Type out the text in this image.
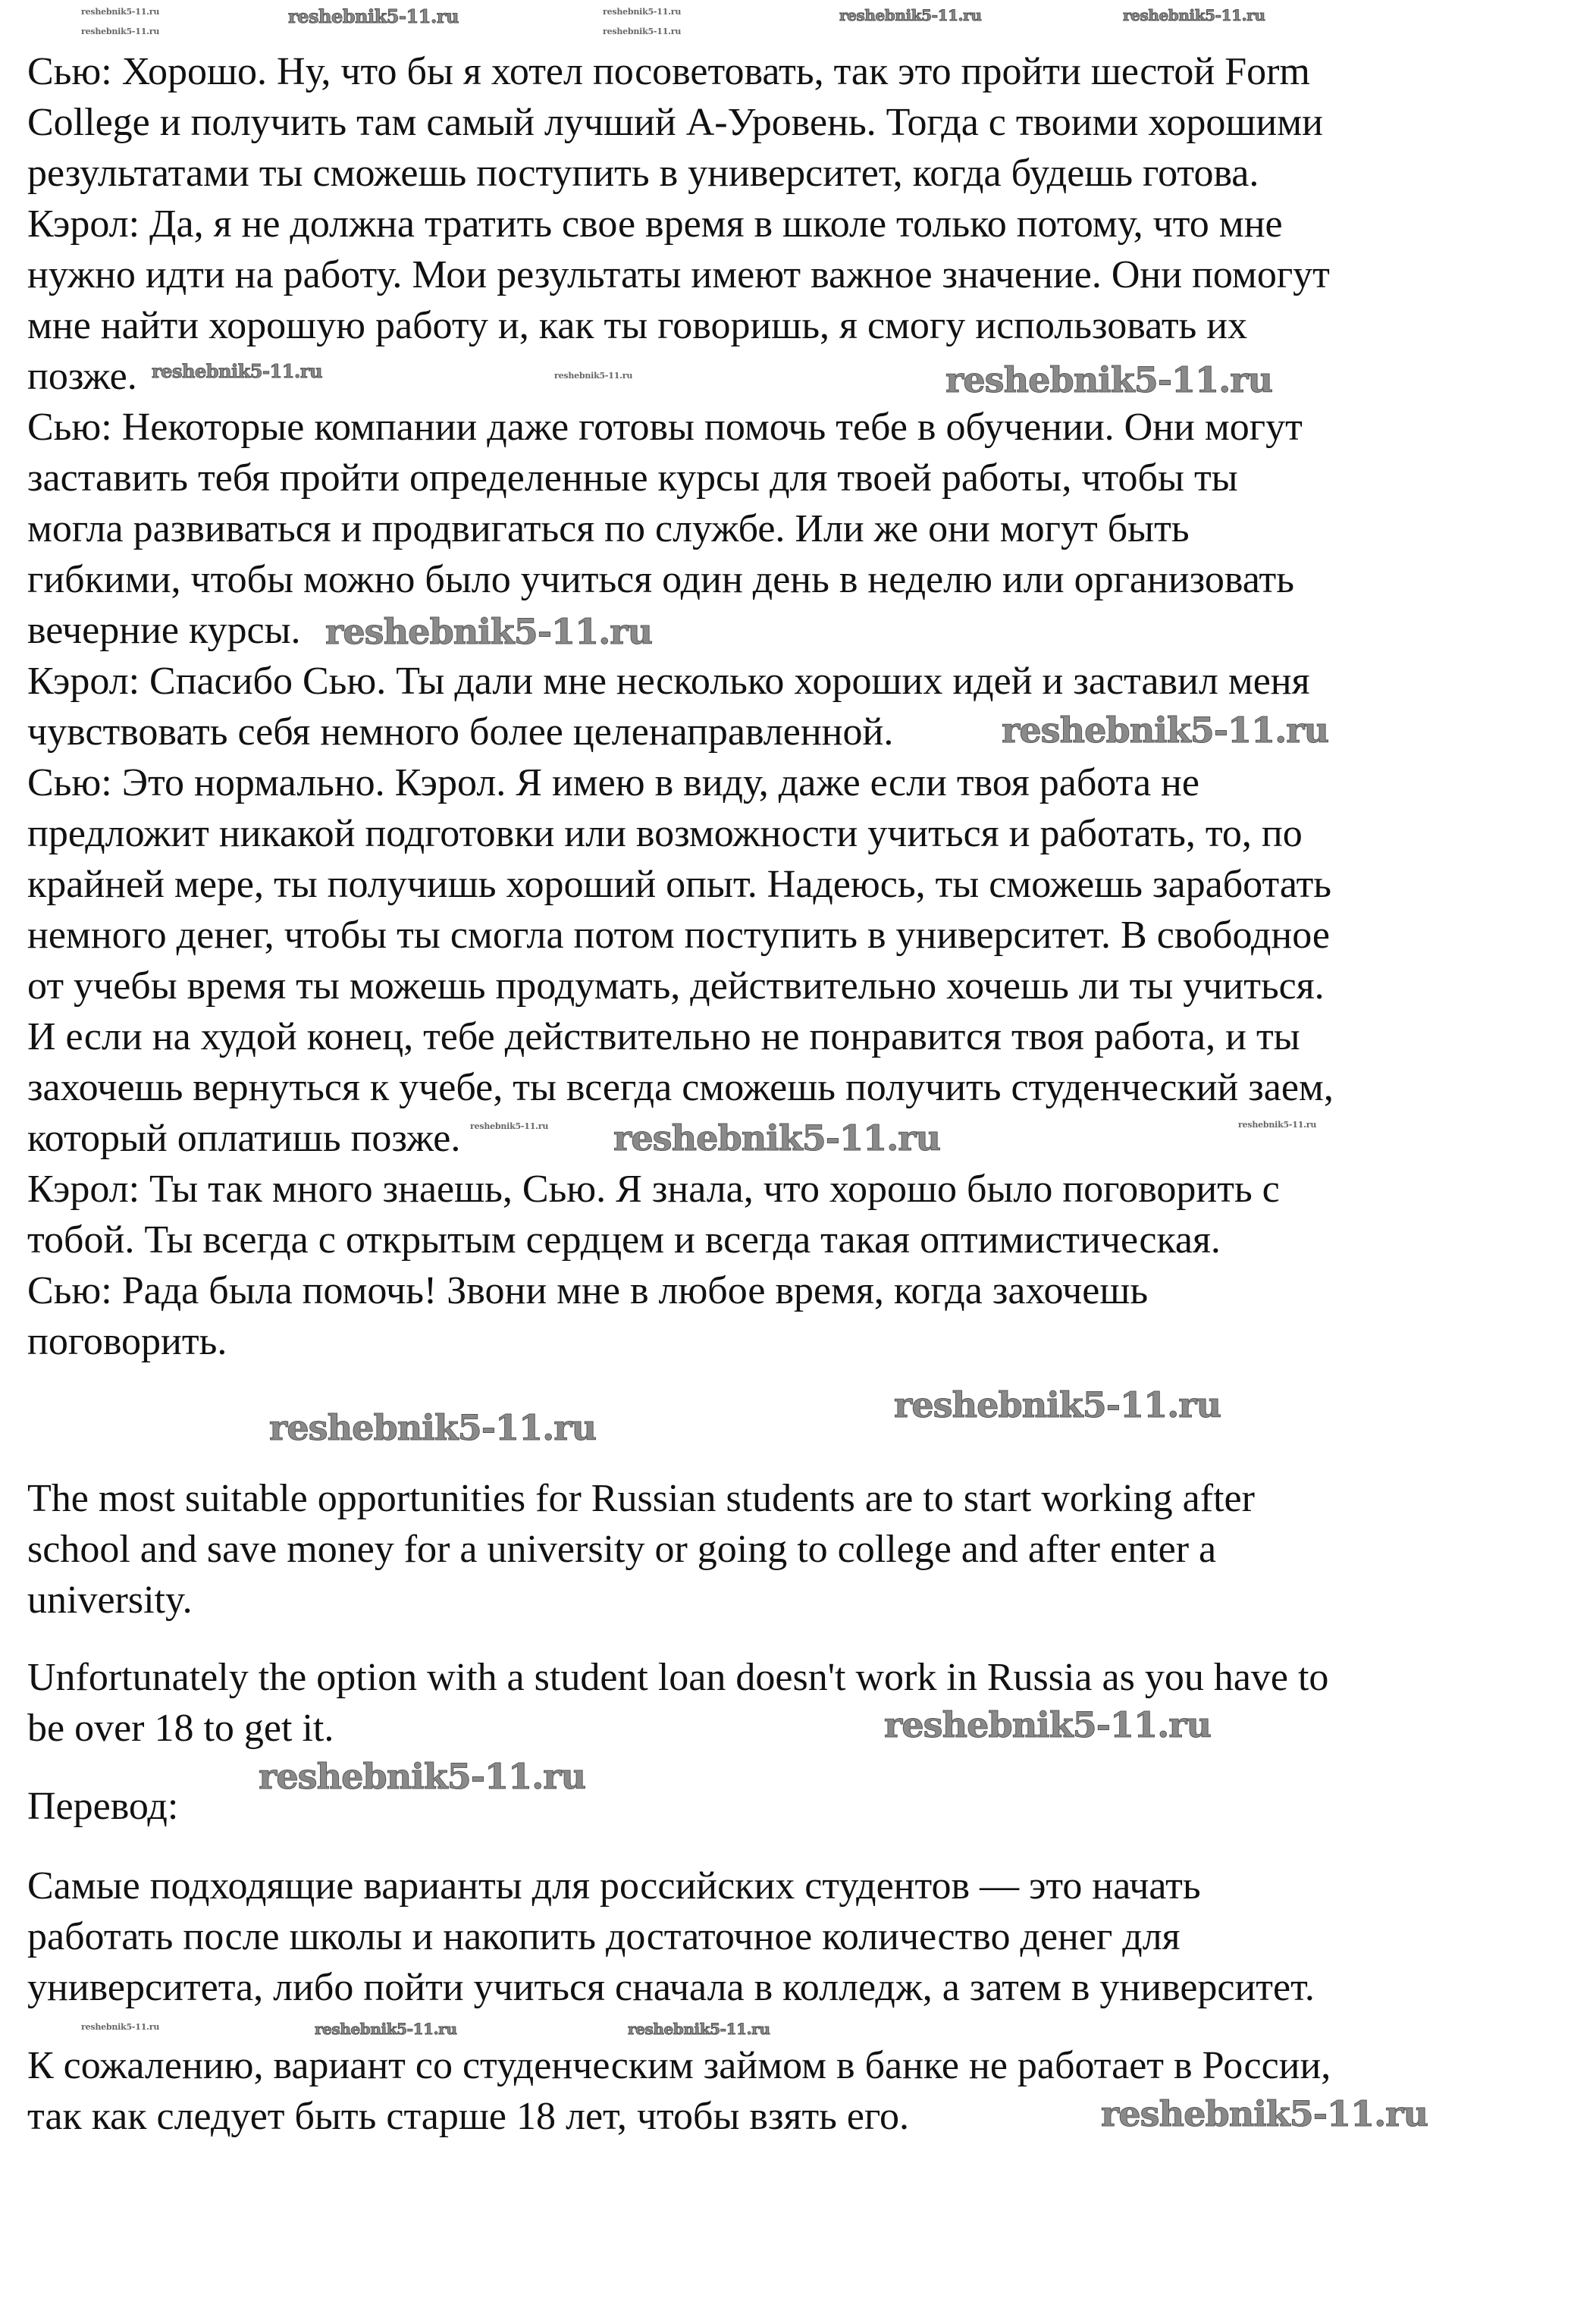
Сью: Хорошо. Ну, что бы я хотел посоветовать, так это пройти шестой Form
College и получить там самый лучший А-Уровень. Тогда с твоими хорошими
результатами ты сможешь поступить в университет, когда будешь готова.
Кэрол: Да, я не должна тратить свое время в школе только потому, что мне
нужно идти на работу. Мои результаты имеют важное значение. Они помогут
мне найти хорошую работу и, как ты говоришь, я смогу использовать их
позже.
Сью: Некоторые компании даже готовы помочь тебе в обучении. Они могут
заставить тебя пройти определенные курсы для твоей работы, чтобы ты
могла развиваться и продвигаться по службе. Или же они могут быть
гибкими, чтобы можно было учиться один день в неделю или организовать
вечерние курсы.
Кэрол: Спасибо Сью. Ты дали мне несколько хороших идей и заставил меня
чувствовать себя немного более целенаправленной.
Сью: Это нормально. Кэрол. Я имею в виду, даже если твоя работа не
предложит никакой подготовки или возможности учиться и работать, то, по
крайней мере, ты получишь хороший опыт. Надеюсь, ты сможешь заработать
немного денег, чтобы ты смогла потом поступить в университет. В свободное
от учебы время ты можешь продумать, действительно хочешь ли ты учиться.
И если на худой конец, тебе действительно не понравится твоя работа, и ты
захочешь вернуться к учебе, ты всегда сможешь получить студенческий заем,
который оплатишь позже.
Кэрол: Ты так много знаешь, Сью. Я знала, что хорошо было поговорить с
тобой. Ты всегда с открытым сердцем и всегда такая оптимистическая.
Сью: Рада была помочь! Звони мне в любое время, когда захочешь
поговорить.
The most suitable opportunities for Russian students are to start working after
school and save money for a university or going to college and after enter a
university.
Unfortunately the option with a student loan doesn't work in Russia as you have to
be over 18 to get it.
Перевод:
Самые подходящие варианты для российских студентов — это начать
работать после школы и накопить достаточное количество денег для
университета, либо пойти учиться сначала в колледж, а затем в университет.
К сожалению, вариант со студенческим займом в банке не работает в России,
так как следует быть старше 18 лет, чтобы взять его.
reshebnik5-11.ru	reshebnik5-11.ru	reshebnik5-11.ru
reshebnik5-11.ru
reshebnik5-11.ru	reshebnik5-11.ru
reshebnik5-11.ru
reshebnik5-11.ru	reshebnik5-11.ru	reshebnik5-11.ru
reshebnik5-11.ru
reshebnik5-11.ru
reshebnik5-11.ru
reshebnik5-11.ru
reshebnik5-11.ru
reshebnik5-11.ru
reshebnik5-11.ru
reshebnik5-11.ru
reshebnik5-11.ru
reshebnik5-11.ru	reshebnik5-11.ru	reshebnik5-11.ru
reshebnik5-11.ru
